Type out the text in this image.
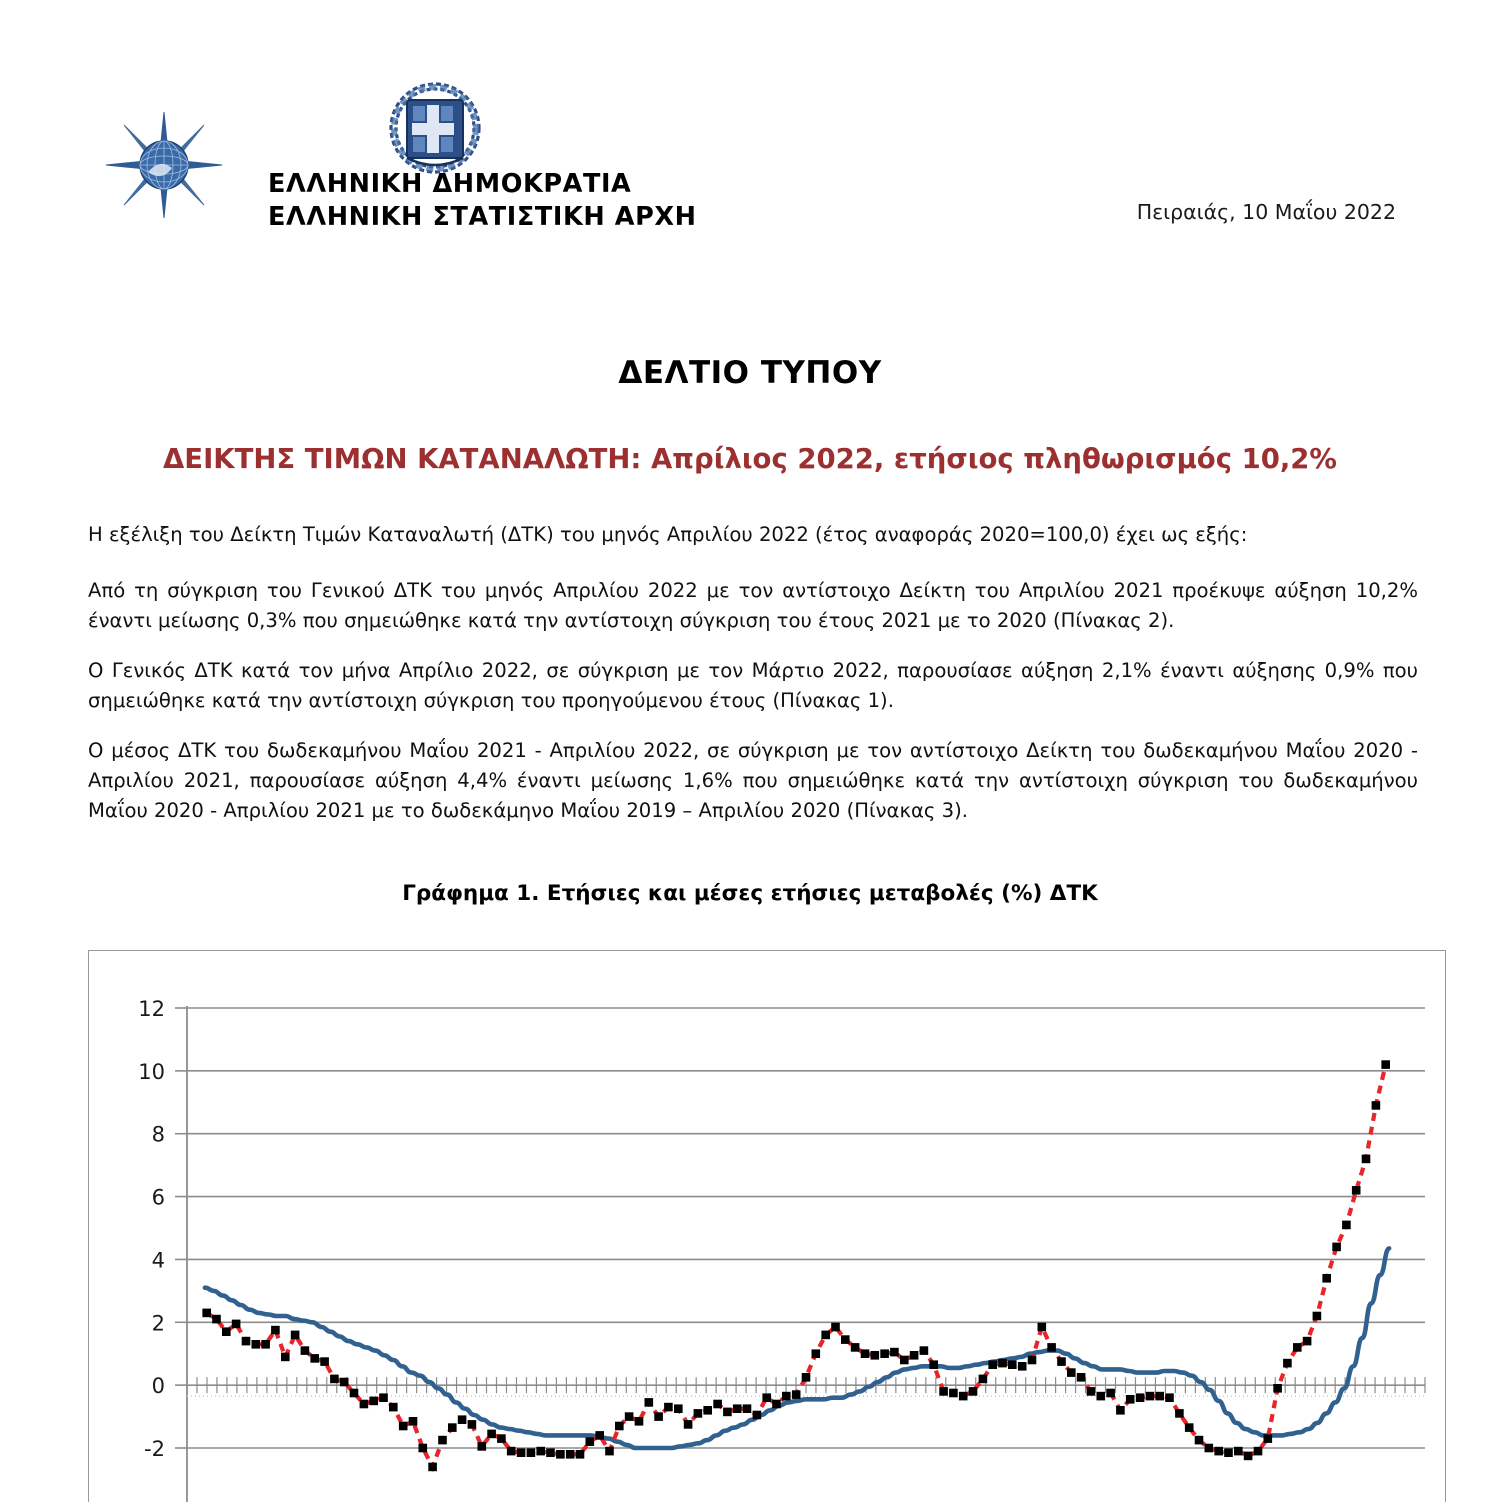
ΕΛΛΗΝΙΚΗ ΔΗΜΟΚΡΑΤΙΑ
ΕΛΛΗΝΙΚΗ ΣΤΑΤΙΣΤΙΚΗ ΑΡΧΗ	Πειραιάς, 10 Μαΐου 2022
ΔΕΛΤΙΟ ΤΥΠΟΥ
ΔΕΙΚΤΗΣ ΤΙΜΩΝ ΚΑΤΑΝΑΛΩΤΗ: Απρίλιος 2022, ετήσιος πληθωρισμός 10,2%

Η εξέλιξη του Δείκτη Τιμών Καταναλωτή (ΔΤΚ) του μηνός Απριλίου 2022 (έτος αναφοράς 2020=100,0) έχει ως εξής:

Από τη σύγκριση του Γενικού ΔΤΚ του μηνός Απριλίου 2022 με τον αντίστοιχο Δείκτη του Απριλίου 2021 προέκυψε αύξηση 10,2% έναντι μείωσης 0,3% που σημειώθηκε κατά την αντίστοιχη σύγκριση του έτους 2021 με το 2020 (Πίνακας 2).

Ο Γενικός ΔΤΚ κατά τον μήνα Απρίλιο 2022, σε σύγκριση με τον Μάρτιο 2022, παρουσίασε αύξηση 2,1% έναντι αύξησης 0,9% που σημειώθηκε κατά την αντίστοιχη σύγκριση του προηγούμενου έτους (Πίνακας 1).

Ο μέσος ΔΤΚ του δωδεκαμήνου Μαΐου 2021 - Απριλίου 2022, σε σύγκριση με τον αντίστοιχο Δείκτη του δωδεκαμήνου Μαΐου 2020 - Απριλίου 2021, παρουσίασε αύξηση 4,4% έναντι μείωσης 1,6% που σημειώθηκε κατά την αντίστοιχη σύγκριση του δωδεκαμήνου Μαΐου 2020 - Απριλίου 2021 με το δωδεκάμηνο Μαΐου 2019 – Απριλίου 2020 (Πίνακας 3).

Γράφημα 1. Ετήσιες και μέσες ετήσιες μεταβολές (%) ΔΤΚ
-2
0
2
4
6
8
10
12
